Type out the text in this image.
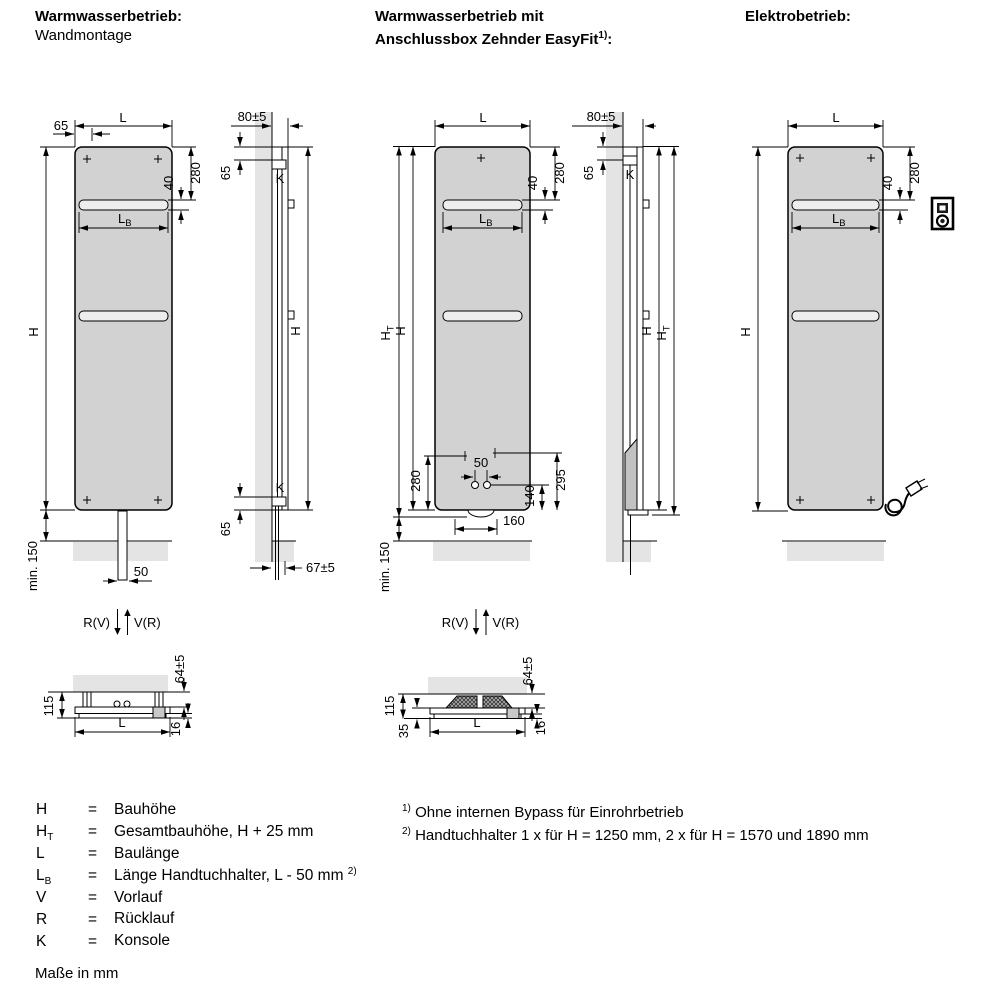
Warmwasserbetrieb:
Wandmontage
Warmwasserbetrieb mit
Anschlussbox Zehnder EasyFit$^{1)}$:
Elektrobetrieb:
L
65
H
280
40
$L_B$
min. 150	50
R(V) V(R)
K
K
80±5
65
H
65
67±5
L
$L_B$
280
40
$H_T$
H
50
280	295
140
160
min. 150
R(V) V(R)
K
80±5
65
H
$H_T$
L
$L_B$
280
40
H
64±5
115
16
L
64±5
115
35	16
L
H	=	Bauhöhe
$H_T$	=	Gesamtbauhöhe, H + 25 mm
L	=	Baulänge
$L_B$	=	Länge Handtuchhalter, L - 50 mm $^{2)}$
V	=	Vorlauf
R	=	Rücklauf
K	=	Konsole
$^{1)}$ Ohne internen Bypass für Einrohrbetrieb
$^{2)}$ Handtuchhalter 1 x für H = 1250 mm, 2 x für H = 1570 und 1890 mm
Maße in mm
